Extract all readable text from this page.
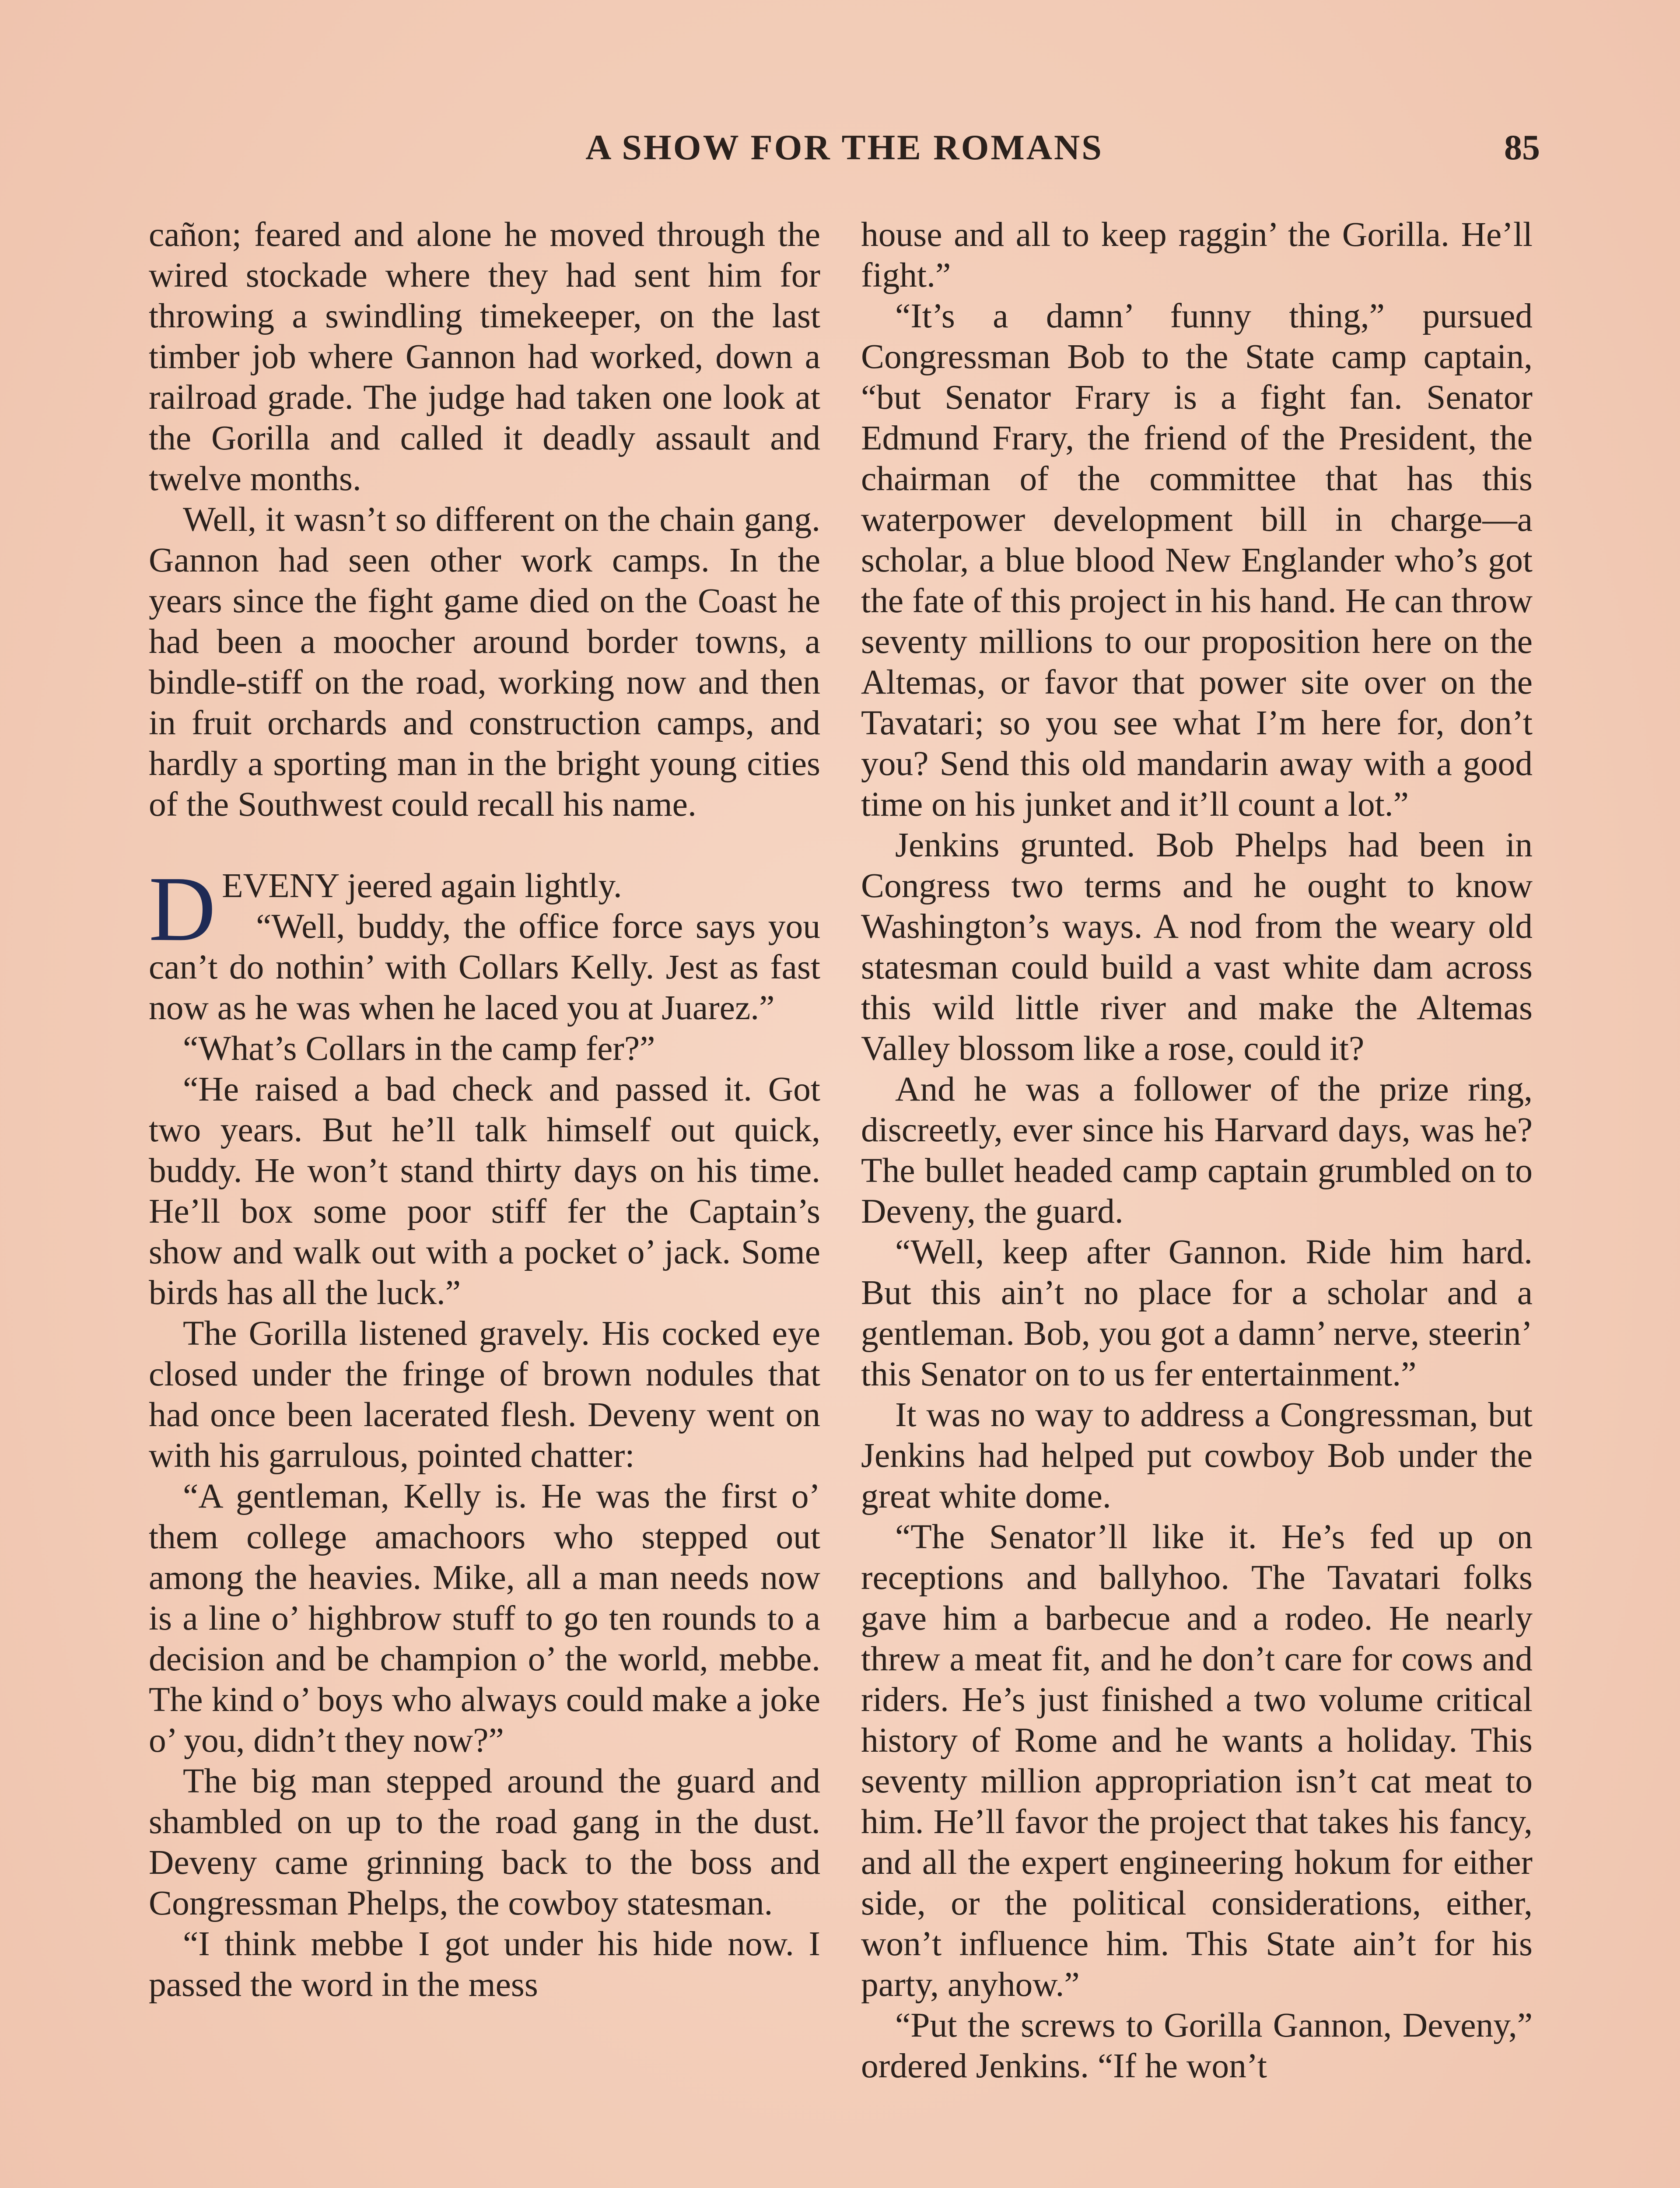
A SHOW FOR THE ROMANS	85

cañon; feared and alone he moved through the wired stockade where they had sent him for throwing a swindling timekeeper, on the last timber job where Gannon had worked, down a railroad grade. The judge had taken one look at the Gorilla and called it deadly assault and twelve months.

Well, it wasn’t so different on the chain gang. Gannon had seen other work camps. In the years since the fight game died on the Coast he had been a moocher around border towns, a bindle-stiff on the road, working now and then in fruit orchards and construction camps, and hardly a sporting man in the bright young cities of the Southwest could recall his name.

DEVENY jeered again lightly.

“Well, buddy, the office force says you can’t do nothin’ with Collars Kelly. Jest as fast now as he was when he laced you at Juarez.”

“What’s Collars in the camp fer?”

“He raised a bad check and passed it. Got two years. But he’ll talk himself out quick, buddy. He won’t stand thirty days on his time. He’ll box some poor stiff fer the Captain’s show and walk out with a pocket o’ jack. Some birds has all the luck.”

The Gorilla listened gravely. His cocked eye closed under the fringe of brown nodules that had once been lacerated flesh. Deveny went on with his garrulous, pointed chatter:

“A gentleman, Kelly is. He was the first o’ them college amachoors who stepped out among the heavies. Mike, all a man needs now is a line o’ highbrow stuff to go ten rounds to a decision and be champion o’ the world, mebbe. The kind o’ boys who always could make a joke o’ you, didn’t they now?”

The big man stepped around the guard and shambled on up to the road gang in the dust. Deveny came grinning back to the boss and Congressman Phelps, the cowboy statesman.

“I think mebbe I got under his hide now. I passed the word in the mess

house and all to keep raggin’ the Gorilla. He’ll fight.”

“It’s a damn’ funny thing,” pursued Congressman Bob to the State camp captain, “but Senator Frary is a fight fan. Senator Edmund Frary, the friend of the President, the chairman of the committee that has this waterpower development bill in charge—a scholar, a blue blood New Englander who’s got the fate of this project in his hand. He can throw seventy millions to our proposition here on the Altemas, or favor that power site over on the Tavatari; so you see what I’m here for, don’t you? Send this old mandarin away with a good time on his junket and it’ll count a lot.”

Jenkins grunted. Bob Phelps had been in Congress two terms and he ought to know Washington’s ways. A nod from the weary old statesman could build a vast white dam across this wild little river and make the Altemas Valley blossom like a rose, could it?

And he was a follower of the prize ring, discreetly, ever since his Harvard days, was he? The bullet headed camp captain grumbled on to Deveny, the guard.

“Well, keep after Gannon. Ride him hard. But this ain’t no place for a scholar and a gentleman. Bob, you got a damn’ nerve, steerin’ this Senator on to us fer entertainment.”

It was no way to address a Congressman, but Jenkins had helped put cowboy Bob under the great white dome.

“The Senator’ll like it. He’s fed up on receptions and ballyhoo. The Tavatari folks gave him a barbecue and a rodeo. He nearly threw a meat fit, and he don’t care for cows and riders. He’s just finished a two volume critical history of Rome and he wants a holiday. This seventy million appropriation isn’t cat meat to him. He’ll favor the project that takes his fancy, and all the expert engineering hokum for either side, or the political considerations, either, won’t influence him. This State ain’t for his party, anyhow.”

“Put the screws to Gorilla Gannon, Deveny,” ordered Jenkins. “If he won’t
